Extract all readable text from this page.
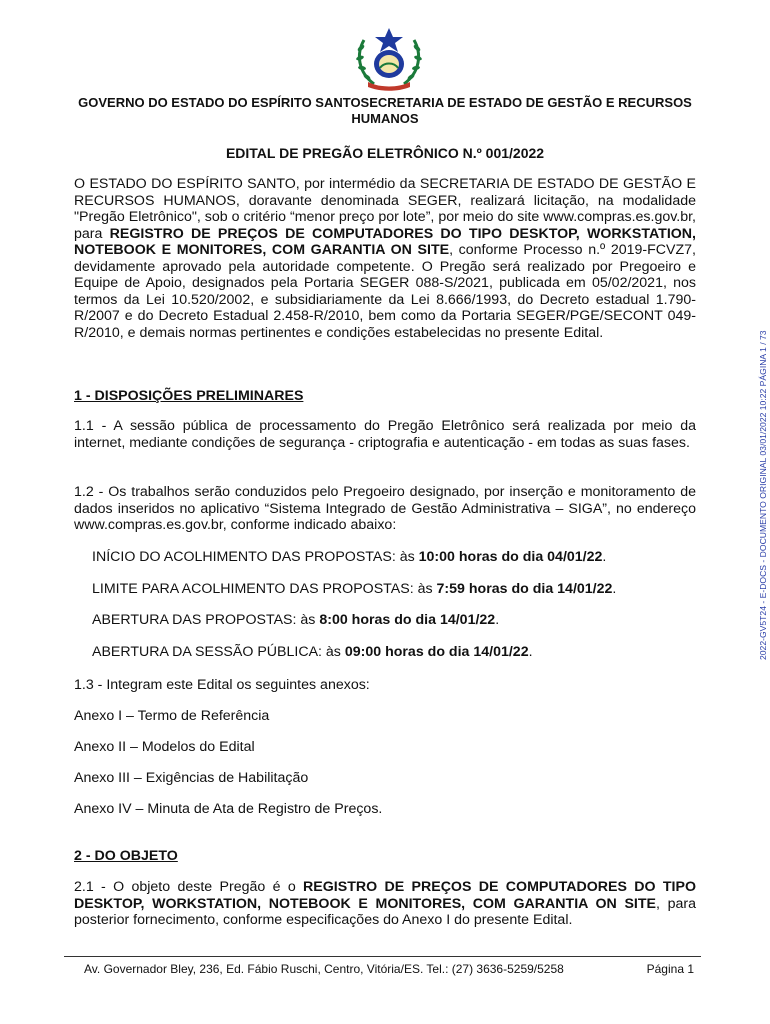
GOVERNO DO ESTADO DO ESPÍRITO SANTOSECRETARIA DE ESTADO DE GESTÃO E RECURSOS HUMANOS
EDITAL DE PREGÃO ELETRÔNICO N.º 001/2022
O ESTADO DO ESPÍRITO SANTO, por intermédio da SECRETARIA DE ESTADO DE GESTÃO E RECURSOS HUMANOS, doravante denominada SEGER, realizará licitação, na modalidade "Pregão Eletrônico", sob o critério “menor preço por lote”, por meio do site www.compras.es.gov.br, para REGISTRO DE PREÇOS DE COMPUTADORES DO TIPO DESKTOP, WORKSTATION, NOTEBOOK E MONITORES, COM GARANTIA ON SITE, conforme Processo n.º 2019-FCVZ7, devidamente aprovado pela autoridade competente. O Pregão será realizado por Pregoeiro e Equipe de Apoio, designados pela Portaria SEGER 088-S/2021, publicada em 05/02/2021, nos termos da Lei 10.520/2002, e subsidiariamente da Lei 8.666/1993, do Decreto estadual 1.790-R/2007 e do Decreto Estadual 2.458-R/2010, bem como da Portaria SEGER/PGE/SECONT 049-R/2010, e demais normas pertinentes e condições estabelecidas no presente Edital.
1 - DISPOSIÇÕES PRELIMINARES
1.1 - A sessão pública de processamento do Pregão Eletrônico será realizada por meio da internet, mediante condições de segurança - criptografia e autenticação - em todas as suas fases.
1.2 - Os trabalhos serão conduzidos pelo Pregoeiro designado, por inserção e monitoramento de dados inseridos no aplicativo “Sistema Integrado de Gestão Administrativa – SIGA”, no endereço www.compras.es.gov.br, conforme indicado abaixo:
INÍCIO DO ACOLHIMENTO DAS PROPOSTAS: às 10:00 horas do dia 04/01/22.
LIMITE PARA ACOLHIMENTO DAS PROPOSTAS: às 7:59 horas do dia 14/01/22.
ABERTURA DAS PROPOSTAS: às 8:00 horas do dia 14/01/22.
ABERTURA DA SESSÃO PÚBLICA: às 09:00 horas do dia 14/01/22.
1.3 - Integram este Edital os seguintes anexos:
Anexo I – Termo de Referência
Anexo II – Modelos do Edital
Anexo III – Exigências de Habilitação
Anexo IV – Minuta de Ata de Registro de Preços.
2 - DO OBJETO
2.1 - O objeto deste Pregão é o REGISTRO DE PREÇOS DE COMPUTADORES DO TIPO DESKTOP, WORKSTATION, NOTEBOOK E MONITORES, COM GARANTIA ON SITE, para posterior fornecimento, conforme especificações do Anexo I do presente Edital.
Av. Governador Bley, 236, Ed. Fábio Ruschi, Centro, Vitória/ES. Tel.: (27) 3636-5259/5258	Página 1
2022-GV5T24 - E-DOCS - DOCUMENTO ORIGINAL 03/01/2022 10:22 PÁGINA 1 / 73
